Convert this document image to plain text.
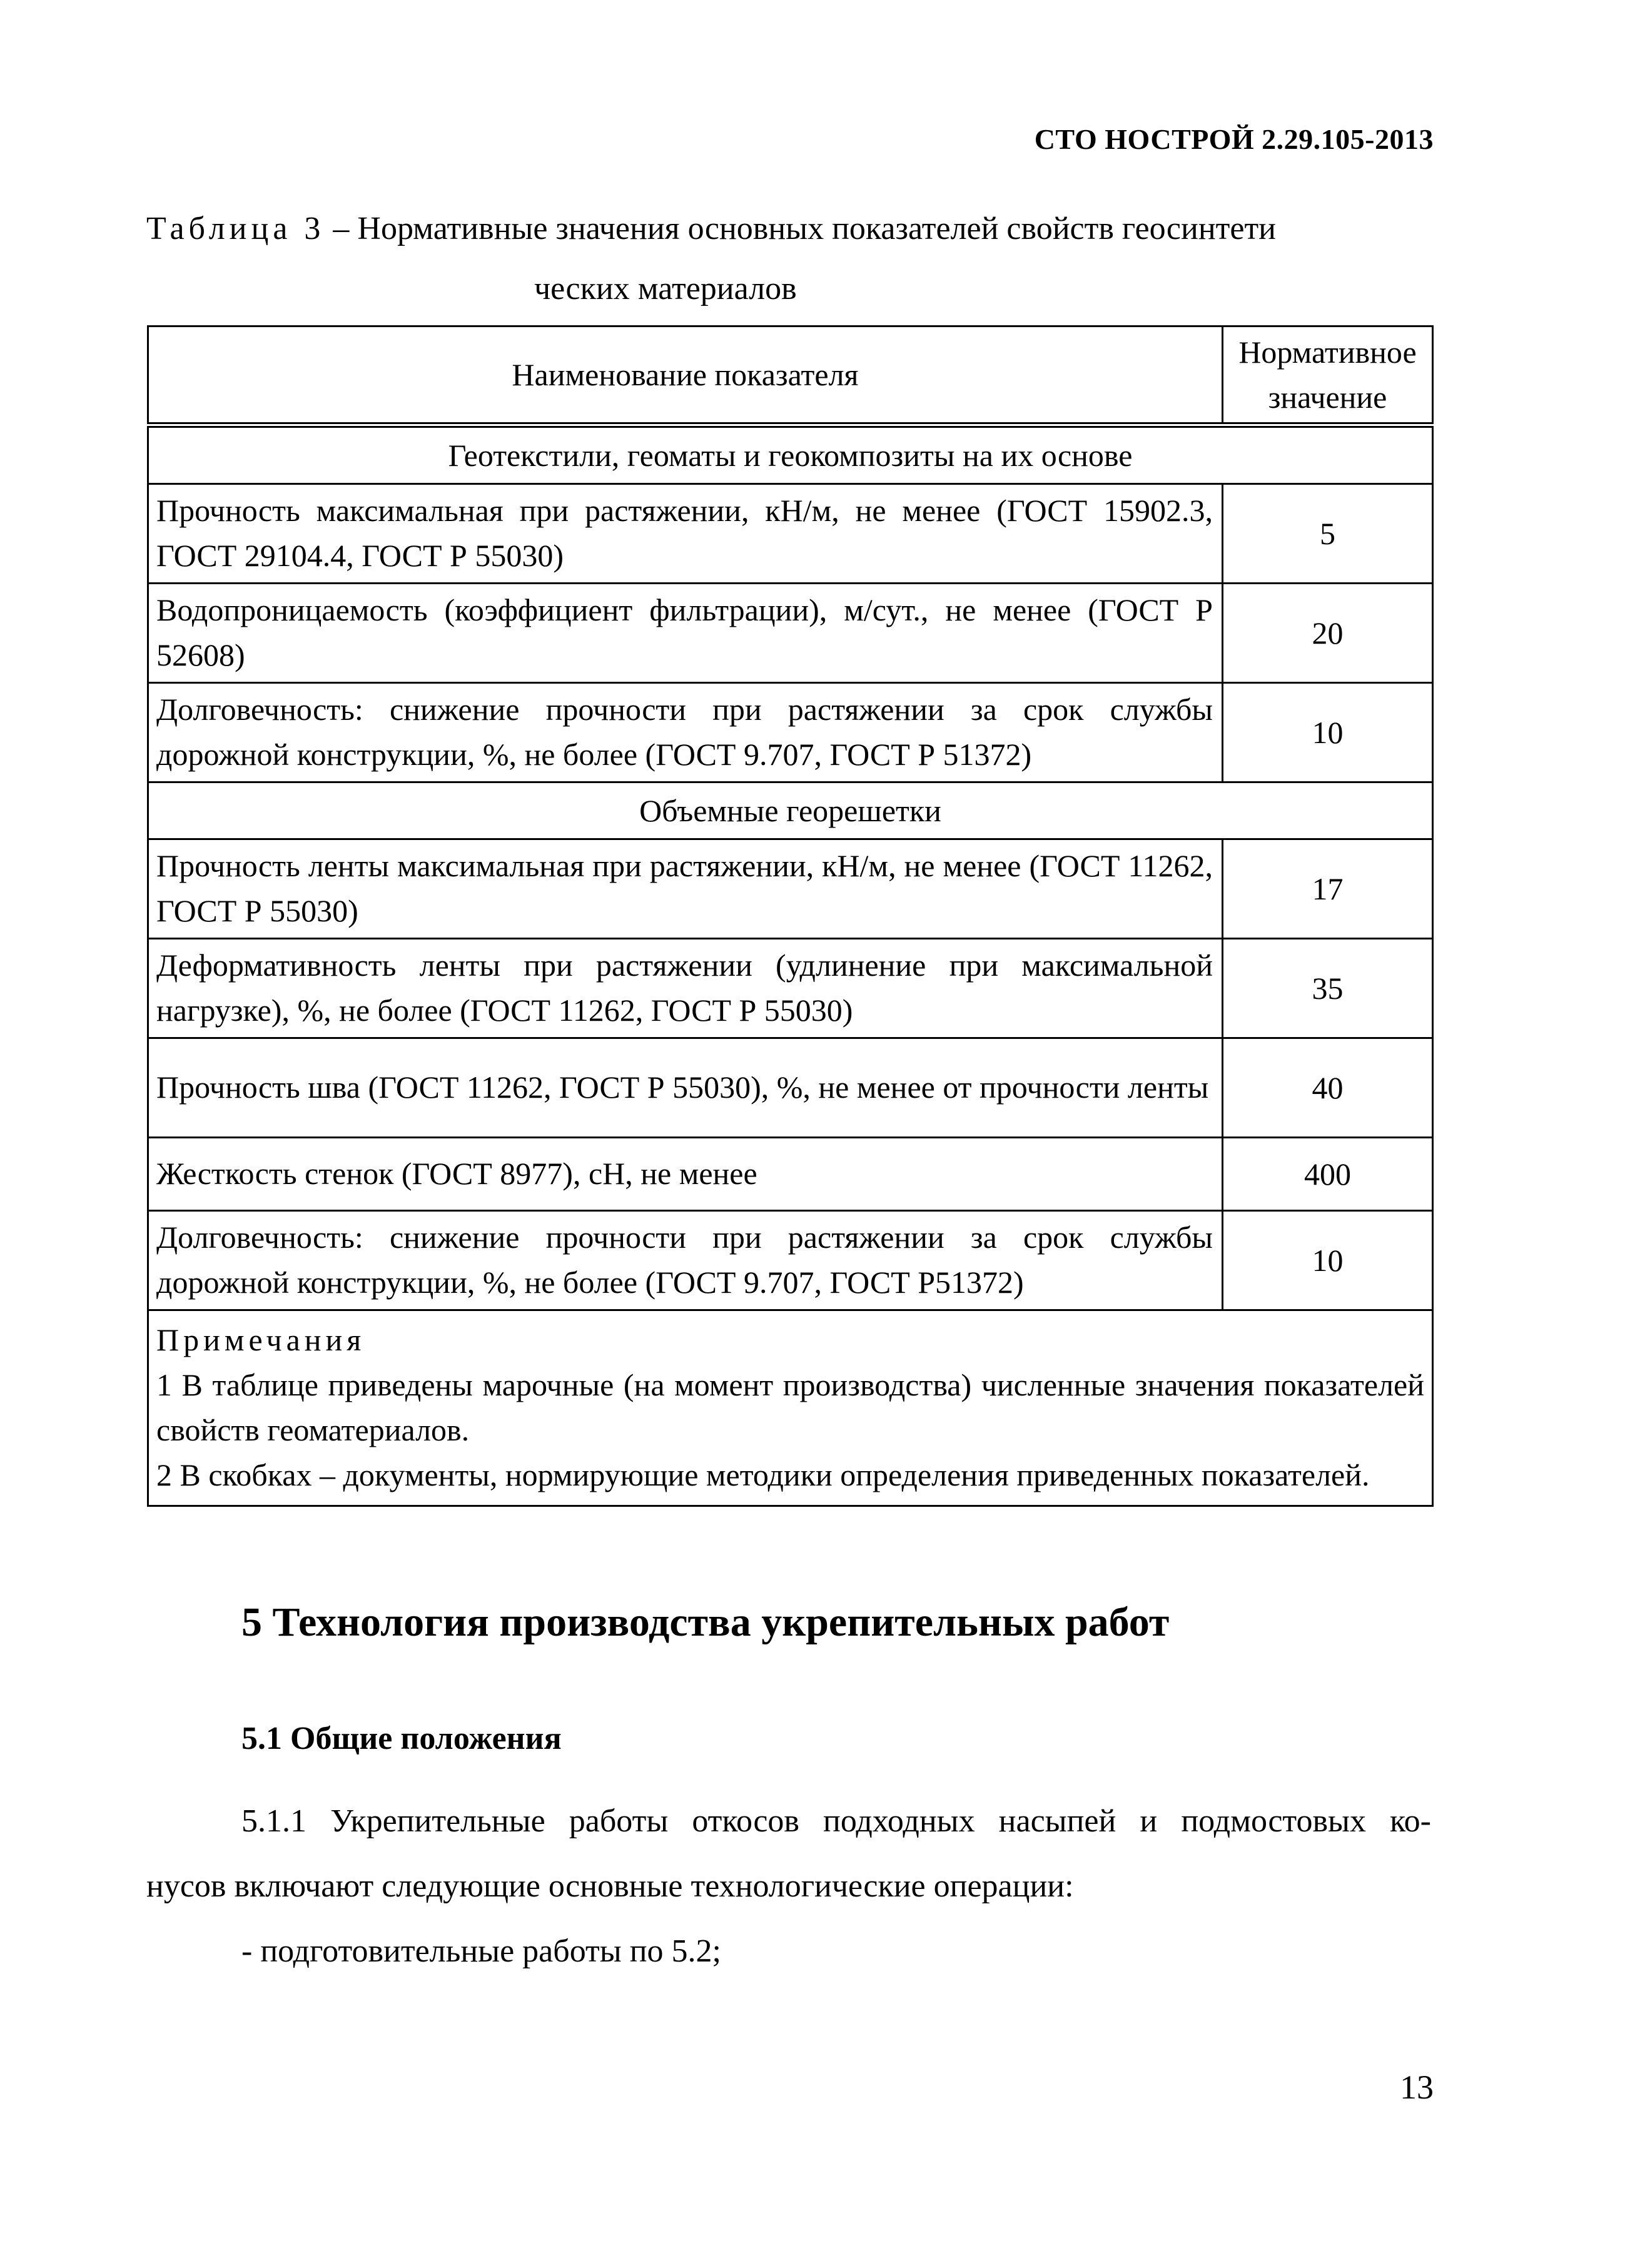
СТО НОСТРОЙ 2.29.105-2013
Таблица 3 – Нормативные значения основных показателей свойств геосинтети
ческих материалов
Наименование показателя	Нормативное
значение
Геотекстили, геоматы и геокомпозиты на их основе	
Прочность максимальная при растяжении, кН/м, не менее (ГОСТ 15902.3, ГОСТ 29104.4, ГОСТ Р 55030)	5
Водопроницаемость (коэффициент фильтрации), м/сут., не менее (ГОСТ Р 52608)	20
Долговечность: снижение прочности при растяжении за срок службы дорожной конструкции, %, не более (ГОСТ 9.707, ГОСТ Р 51372)	10
Объемные георешетки	
Прочность ленты максимальная при растяжении, кН/м, не менее (ГОСТ 11262, ГОСТ Р 55030)	17
Деформативность ленты при растяжении (удлинение при максимальной нагрузке), %, не более (ГОСТ 11262, ГОСТ Р 55030)	35
Прочность шва (ГОСТ 11262, ГОСТ Р 55030), %, не менее от прочности ленты	40
Жесткость стенок (ГОСТ 8977), сН, не менее	400
Долговечность: снижение прочности при растяжении за срок службы дорожной конструкции, %, не более (ГОСТ 9.707, ГОСТ Р51372)	10

Примечания
1 В таблице приведены марочные (на момент производства) численные значения показателей свойств геоматериалов.
2 В скобках – документы, нормирующие методики определения приведенных показателей.	
5 Технология производства укрепительных работ
5.1 Общие положения
5.1.1 Укрепительные работы откосов подходных насыпей и подмостовых ко-
нусов включают следующие основные технологические операции:
- подготовительные работы по 5.2;
13
